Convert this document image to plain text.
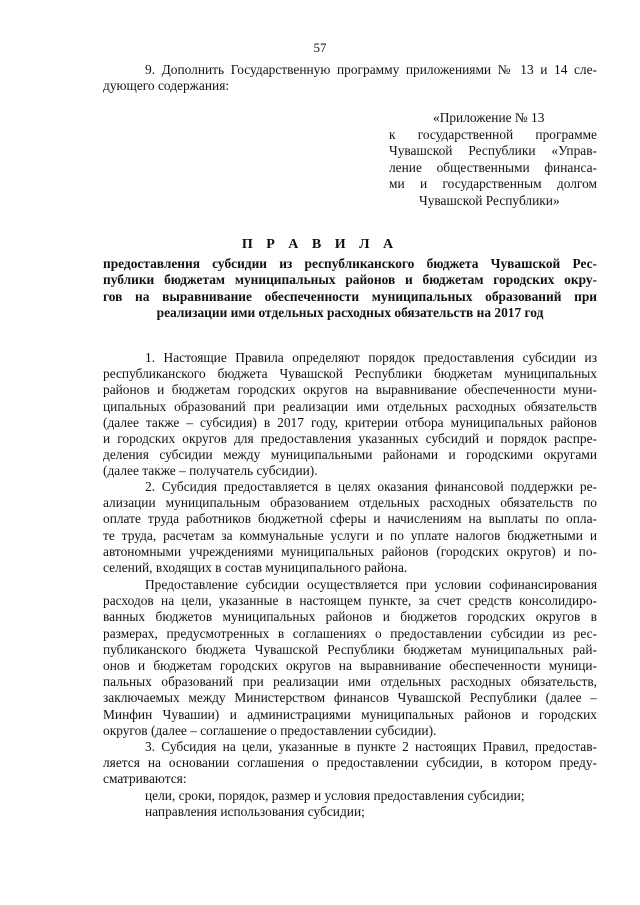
57
9. Дополнить Государственную программу приложениями № 13 и 14 сле-
дующего содержания:
«Приложение № 13
к государственной программе
Чувашской Республики «Управ-
ление общественными финанса-
ми и государственным долгом
Чувашской Республики»
П Р А В И Л А
предоставления субсидии из республиканского бюджета Чувашской Рес-
публики бюджетам муниципальных районов и бюджетам городских окру-
гов на выравнивание обеспеченности муниципальных образований при
реализации ими отдельных расходных обязательств на 2017 год
1. Настоящие Правила определяют порядок предоставления субсидии из
республиканского бюджета Чувашской Республики бюджетам муниципальных
районов и бюджетам городских округов на выравнивание обеспеченности муни-
ципальных образований при реализации ими отдельных расходных обязательств
(далее также – субсидия) в 2017 году, критерии отбора муниципальных районов
и городских округов для предоставления указанных субсидий и порядок распре-
деления субсидии между муниципальными районами и городскими округами
(далее также – получатель субсидии).
2. Субсидия предоставляется в целях оказания финансовой поддержки ре-
ализации муниципальным образованием отдельных расходных обязательств по
оплате труда работников бюджетной сферы и начислениям на выплаты по опла-
те труда, расчетам за коммунальные услуги и по уплате налогов бюджетными и
автономными учреждениями муниципальных районов (городских округов) и по-
селений, входящих в состав муниципального района.
Предоставление субсидии осуществляется при условии софинансирования
расходов на цели, указанные в настоящем пункте, за счет средств консолидиро-
ванных бюджетов муниципальных районов и бюджетов городских округов в
размерах, предусмотренных в соглашениях о предоставлении субсидии из рес-
публиканского бюджета Чувашской Республики бюджетам муниципальных рай-
онов и бюджетам городских округов на выравнивание обеспеченности муници-
пальных образований при реализации ими отдельных расходных обязательств,
заключаемых между Министерством финансов Чувашской Республики (далее –
Минфин Чувашии) и администрациями муниципальных районов и городских
округов (далее – соглашение о предоставлении субсидии).
3. Субсидия на цели, указанные в пункте 2 настоящих Правил, предостав-
ляется на основании соглашения о предоставлении субсидии, в котором преду-
сматриваются:
цели, сроки, порядок, размер и условия предоставления субсидии;
направления использования субсидии;
